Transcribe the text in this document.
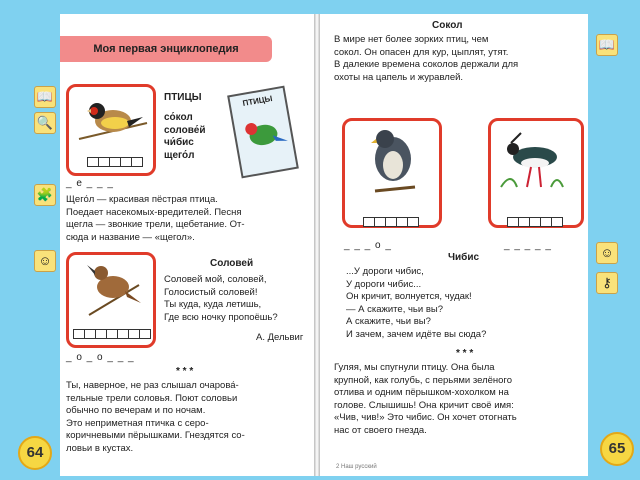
📖
🔍
🧩
☺
📖
☺
⚷
Моя первая энциклопедия
_ е _ _ _
ПТИЦЫ
со́кол
солове́й
чи́бис
щего́л
ПТИЦЫ
Щего́л — красивая пёстрая птица.
Поедает насекомых-вредителей. Песня
щегла — звонкие трели, щебетание. От-
сюда и название — «щегол».
_ о _ о _ _ _
Соловей
Соловей мой, соловей,
Голосистый соловей!
Ты куда, куда летишь,
Где всю ночку пропоёшь?
А. Дельвиг
* * *
Ты, наверное, не раз слышал очарова́-
тельные трели соловья. Поют соловьи
обычно по вечерам и по ночам.
Это неприметная птичка с серо-
коричневыми пёрышками. Гнездятся со-
ловьи в кустах.
Сокол
В мире нет более зорких птиц, чем
сокол. Он опасен для кур, цыплят, утят.
В далекие времена соколов держали для
охоты на цапель и журавлей.
_ _ _ о _	_ _ _ _ _
Чибис
...У дороги чибис,
У дороги чибис...
Он кричит, волнуется, чудак!
— А скажите, чьи вы?
А скажите, чьи вы?
И зачем, зачем идёте вы сюда?
* * *
Гуляя, мы спугнули птицу. Она была
крупной, как голубь, с перьями зелёного
отлива и одним пёрышком-хохолком на
голове. Слышишь! Она кричит своё имя:
«Чив, чив!» Это чибис. Он хочет отогнать
нас от своего гнезда.
2 Наш русский
64	65
